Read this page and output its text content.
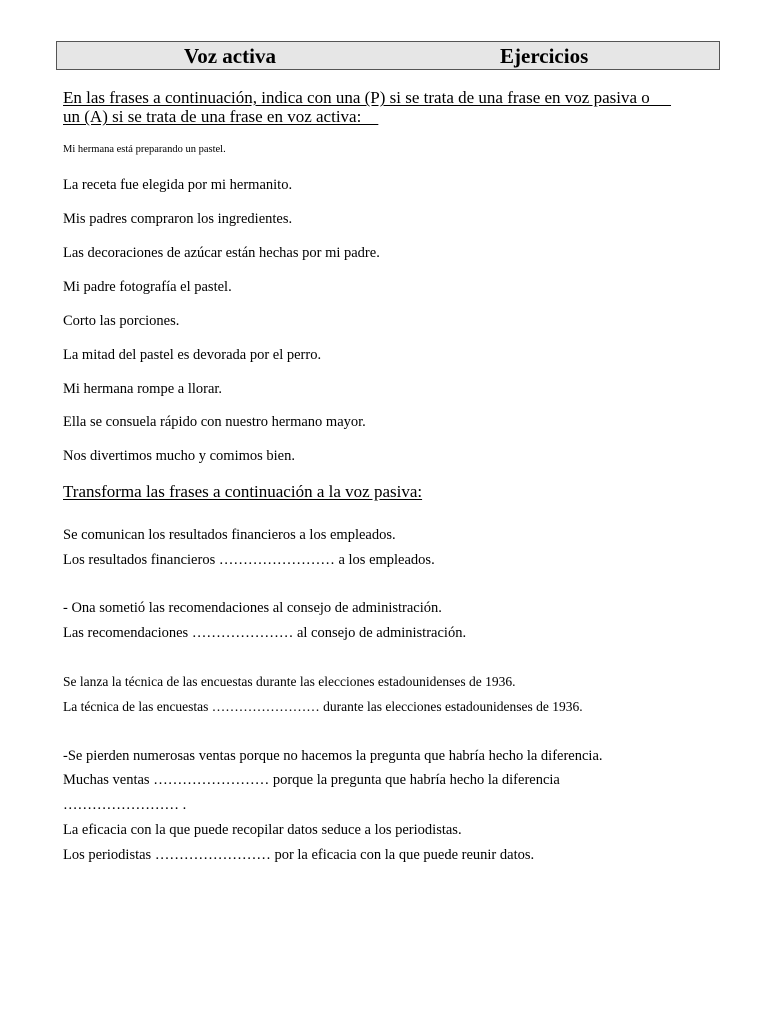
Voz activa	Ejercicios
En las frases a continuación, indica con una (P) si se trata de una frase en voz pasiva o
un (A) si se trata de una frase en voz activa:
Mi hermana está preparando un pastel.
La receta fue elegida por mi hermanito.
Mis padres compraron los ingredientes.
Las decoraciones de azúcar están hechas por mi padre.
Mi padre fotografía el pastel.
Corto las porciones.
La mitad del pastel es devorada por el perro.
Mi hermana rompe a llorar.
Ella se consuela rápido con nuestro hermano mayor.
Nos divertimos mucho y comimos bien.
Transforma las frases a continuación a la voz pasiva:
Se comunican los resultados financieros a los empleados.
Los resultados financieros …………………… a los empleados.
- Ona sometió las recomendaciones al consejo de administración.
Las recomendaciones ………………… al consejo de administración.
Se lanza la técnica de las encuestas durante las elecciones estadounidenses de 1936.
La técnica de las encuestas …………………… durante las elecciones estadounidenses de 1936.
-Se pierden numerosas ventas porque no hacemos la pregunta que habría hecho la diferencia.
Muchas ventas …………………… porque la pregunta que habría hecho la diferencia
…………………… .
La eficacia con la que puede recopilar datos seduce a los periodistas.
Los periodistas …………………… por la eficacia con la que puede reunir datos.
